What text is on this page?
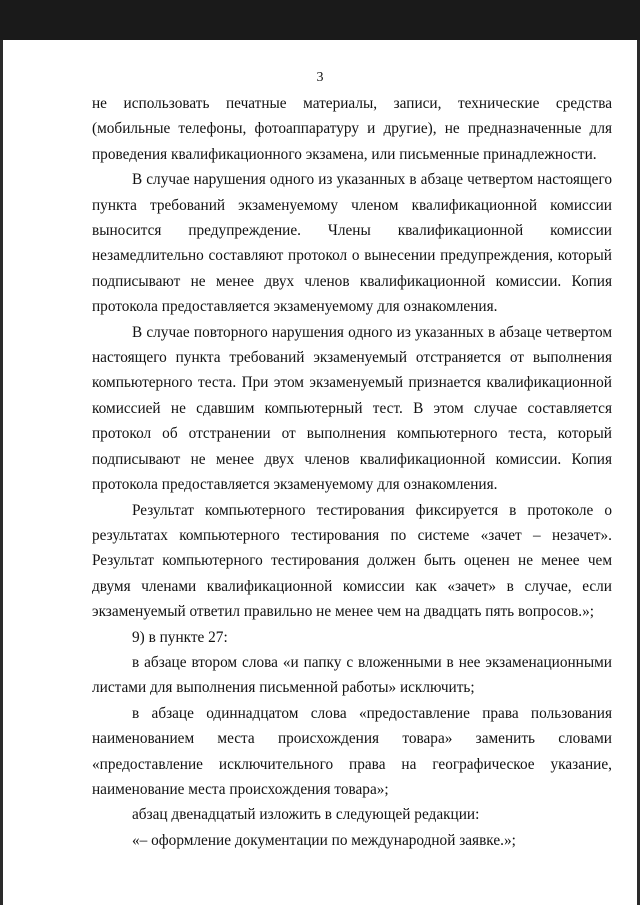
3

не использовать печатные материалы, записи, технические средства (мобильные телефоны, фотоаппаратуру и другие), не предназначенные для проведения квалификационного экзамена, или письменные принадлежности.

В случае нарушения одного из указанных в абзаце четвертом настоящего пункта требований экзаменуемому членом квалификационной комиссии выносится предупреждение. Члены квалификационной комиссии незамедлительно составляют протокол о вынесении предупреждения, который подписывают не менее двух членов квалификационной комиссии. Копия протокола предоставляется экзаменуемому для ознакомления.

В случае повторного нарушения одного из указанных в абзаце четвертом настоящего пункта требований экзаменуемый отстраняется от выполнения компьютерного теста. При этом экзаменуемый признается квалификационной комиссией не сдавшим компьютерный тест. В этом случае составляется протокол об отстранении от выполнения компьютерного теста, который подписывают не менее двух членов квалификационной комиссии. Копия протокола предоставляется экзаменуемому для ознакомления.

Результат компьютерного тестирования фиксируется в протоколе о результатах компьютерного тестирования по системе «зачет – незачет». Результат компьютерного тестирования должен быть оценен не менее чем двумя членами квалификационной комиссии как «зачет» в случае, если экзаменуемый ответил правильно не менее чем на двадцать пять вопросов.»;

9) в пункте 27:

в абзаце втором слова «и папку с вложенными в нее экзаменационными листами для выполнения письменной работы» исключить;

в абзаце одиннадцатом слова «предоставление права пользования наименованием места происхождения товара» заменить словами «предоставление исключительного права на географическое указание, наименование места происхождения товара»;

абзац двенадцатый изложить в следующей редакции:

«– оформление документации по международной заявке.»;
